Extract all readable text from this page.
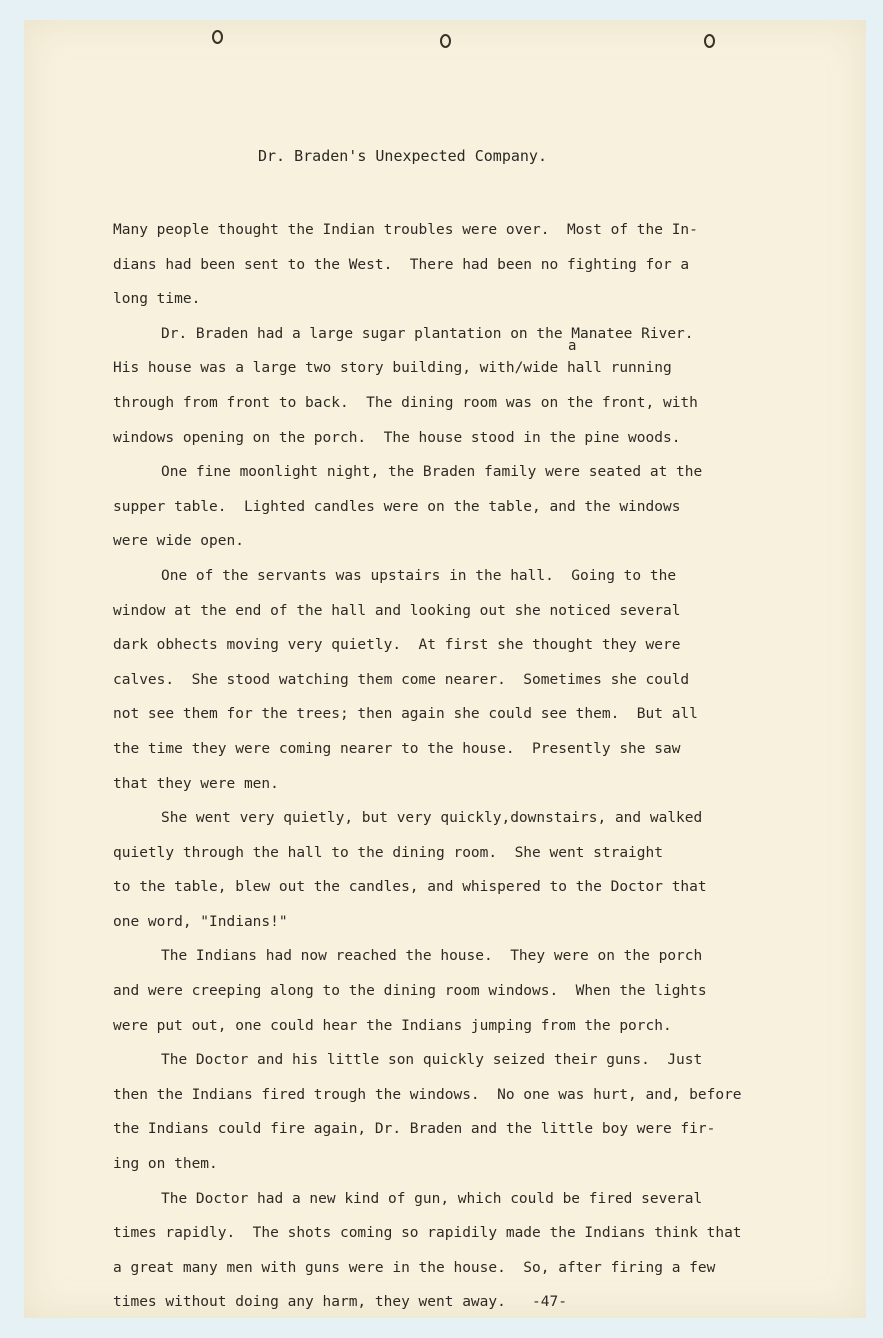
Dr. Braden's Unexpected Company.
a
Many people thought the Indian troubles were over.  Most of the In-
dians had been sent to the West.  There had been no fighting for a
long time.
Dr. Braden had a large sugar plantation on the Manatee River.
His house was a large two story building, with/wide hall running
through from front to back.  The dining room was on the front, with
windows opening on the porch.  The house stood in the pine woods.
One fine moonlight night, the Braden family were seated at the
supper table.  Lighted candles were on the table, and the windows
were wide open.
One of the servants was upstairs in the hall.  Going to the
window at the end of the hall and looking out she noticed several
dark obhects moving very quietly.  At first she thought they were
calves.  She stood watching them come nearer.  Sometimes she could
not see them for the trees; then again she could see them.  But all
the time they were coming nearer to the house.  Presently she saw
that they were men.
She went very quietly, but very quickly,downstairs, and walked
quietly through the hall to the dining room.  She went straight
to the table, blew out the candles, and whispered to the Doctor that
one word, "Indians!"
The Indians had now reached the house.  They were on the porch
and were creeping along to the dining room windows.  When the lights
were put out, one could hear the Indians jumping from the porch.
The Doctor and his little son quickly seized their guns.  Just
then the Indians fired trough the windows.  No one was hurt, and, before
the Indians could fire again, Dr. Braden and the little boy were fir-
ing on them.
The Doctor had a new kind of gun, which could be fired several
times rapidly.  The shots coming so rapidily made the Indians think that
a great many men with guns were in the house.  So, after firing a few
times without doing any harm, they went away. -47-
